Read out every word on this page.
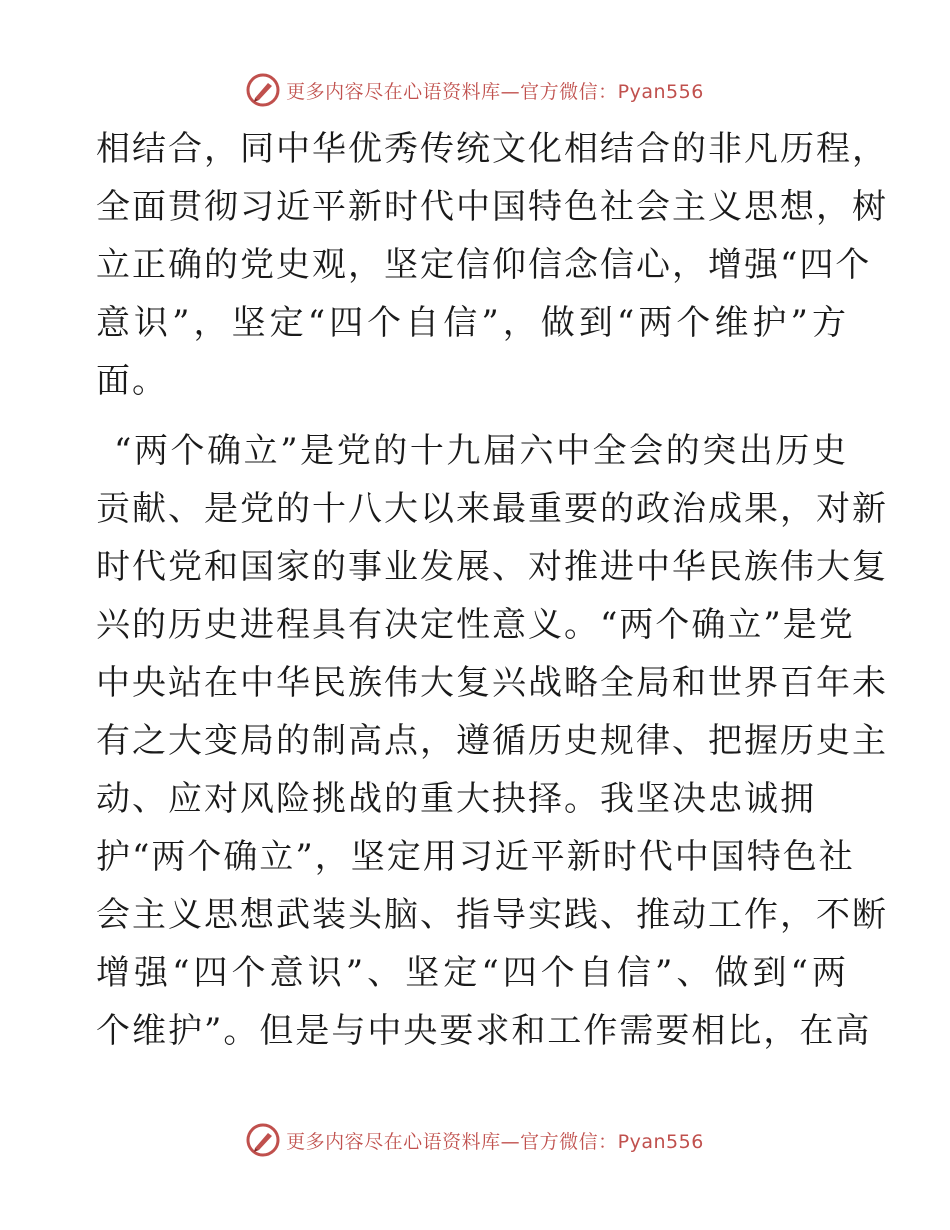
更多内容尽在心语资料库—官方微信：Pyan556
相结合，同中华优秀传统文化相结合的非凡历程，
全面贯彻习近平新时代中国特色社会主义思想，树
立正确的党史观，坚定信仰信念信心，增强“四个
意识”，坚定“四个自信”，做到“两个维护”方
面。
“两个确立”是党的十九届六中全会的突出历史
贡献、是党的十八大以来最重要的政治成果，对新
时代党和国家的事业发展、对推进中华民族伟大复
兴的历史进程具有决定性意义。“两个确立”是党
中央站在中华民族伟大复兴战略全局和世界百年未
有之大变局的制高点，遵循历史规律、把握历史主
动、应对风险挑战的重大抉择。我坚决忠诚拥
护“两个确立”，坚定用习近平新时代中国特色社
会主义思想武装头脑、指导实践、推动工作，不断
增强“四个意识”、坚定“四个自信”、做到“两
个维护”。但是与中央要求和工作需要相比，在高
更多内容尽在心语资料库—官方微信：Pyan556
